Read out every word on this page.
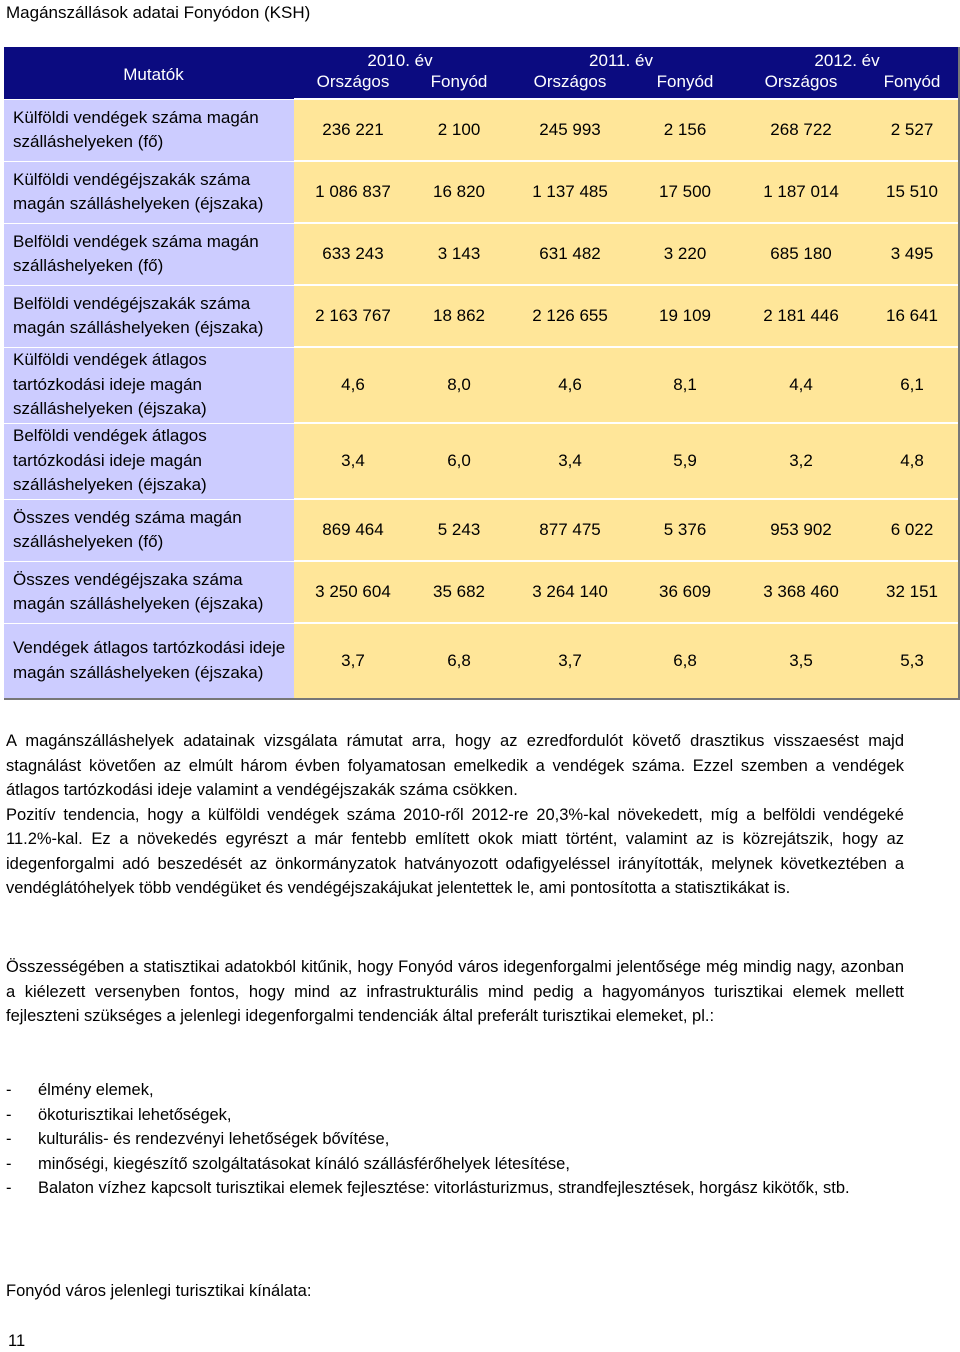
Magánszállások adatai Fonyódon (KSH)
Mutatók	2010. év		2011. év		2012. év	
	Országos	Fonyód	Országos	Fonyód	Országos	Fonyód
Külföldi vendégek száma magán szálláshelyeken (fő)	236 221	2 100	245 993	2 156	268 722	2 527
Külföldi vendégéjszakák száma magán szálláshelyeken (éjszaka)	1 086 837	16 820	1 137 485	17 500	1 187 014	15 510
Belföldi vendégek száma magán szálláshelyeken (fő)	633 243	3 143	631 482	3 220	685 180	3 495
Belföldi vendégéjszakák száma magán szálláshelyeken (éjszaka)	2 163 767	18 862	2 126 655	19 109	2 181 446	16 641
Külföldi vendégek átlagos tartózkodási ideje magán szálláshelyeken (éjszaka)	4,6	8,0	4,6	8,1	4,4	6,1
Belföldi vendégek átlagos tartózkodási ideje magán szálláshelyeken (éjszaka)	3,4	6,0	3,4	5,9	3,2	4,8
Összes vendég száma magán szálláshelyeken (fő)	869 464	5 243	877 475	5 376	953 902	6 022
Összes vendégéjszaka száma magán szálláshelyeken (éjszaka)	3 250 604	35 682	3 264 140	36 609	3 368 460	32 151
Vendégek átlagos tartózkodási ideje magán szálláshelyeken (éjszaka)	3,7	6,8	3,7	6,8	3,5	5,3

A magánszálláshelyek adatainak vizsgálata rámutat arra, hogy az ezredfordulót követő drasztikus visszaesést majd stagnálást követően az elmúlt három évben folyamatosan emelkedik a vendégek száma. Ezzel szemben a vendégek átlagos tartózkodási ideje valamint a vendégéjszakák száma csökken.

Pozitív tendencia, hogy a külföldi vendégek száma 2010-ről 2012-re 20,3%-kal növekedett, míg a belföldi vendégeké 11.2%-kal. Ez a növekedés egyrészt a már fentebb említett okok miatt történt, valamint az is közrejátszik, hogy az idegenforgalmi adó beszedését az önkormányzatok hatványozott odafigyeléssel irányították, melynek következtében a vendéglátóhelyek több vendégüket és vendégéjszakájukat jelentettek le, ami pontosította a statisztikákat is.

Összességében a statisztikai adatokból kitűnik, hogy Fonyód város idegenforgalmi jelentősége még mindig nagy, azonban a kiélezett versenyben fontos, hogy mind az infrastrukturális mind pedig a hagyományos turisztikai elemek mellett fejleszteni szükséges a jelenlegi idegenforgalmi tendenciák által preferált turisztikai elemeket, pl.:

- élmény elemek,
- ökoturisztikai lehetőségek,
- kulturális- és rendezvényi lehetőségek bővítése,
- minőségi, kiegészítő szolgáltatásokat kínáló szállásférőhelyek létesítése,
- Balaton vízhez kapcsolt turisztikai elemek fejlesztése: vitorlásturizmus, strandfejlesztések, horgász kikötők, stb.
Fonyód város jelenlegi turisztikai kínálata:
11
